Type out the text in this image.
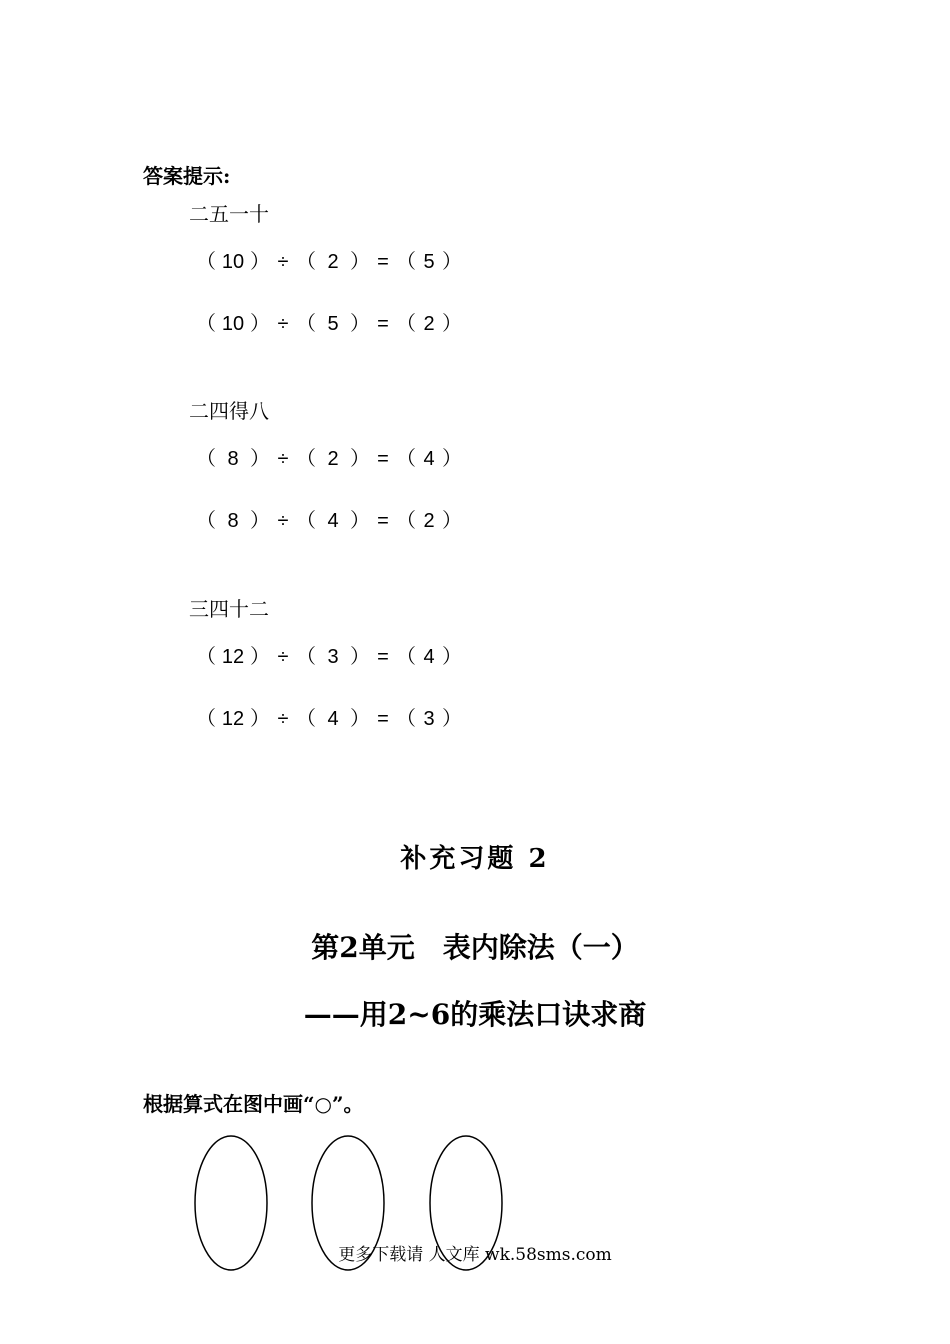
答案提示:
二五一十
（ 10 ） ÷ （ 2 ） = （ 5 ）
（ 10 ） ÷ （ 5 ） = （ 2 ）
二四得八
（ 8 ） ÷ （ 2 ） = （ 4 ）
（ 8 ） ÷ （ 4 ） = （ 2 ）
三四十二
（ 12 ） ÷ （ 3 ） = （ 4 ）
（ 12 ） ÷ （ 4 ） = （ 3 ）
补充习题 2
第2单元　表内除法（一）
——用2~6的乘法口诀求商
根据算式在图中画“○”。
更多下载请 人文库 wk.58sms.com
